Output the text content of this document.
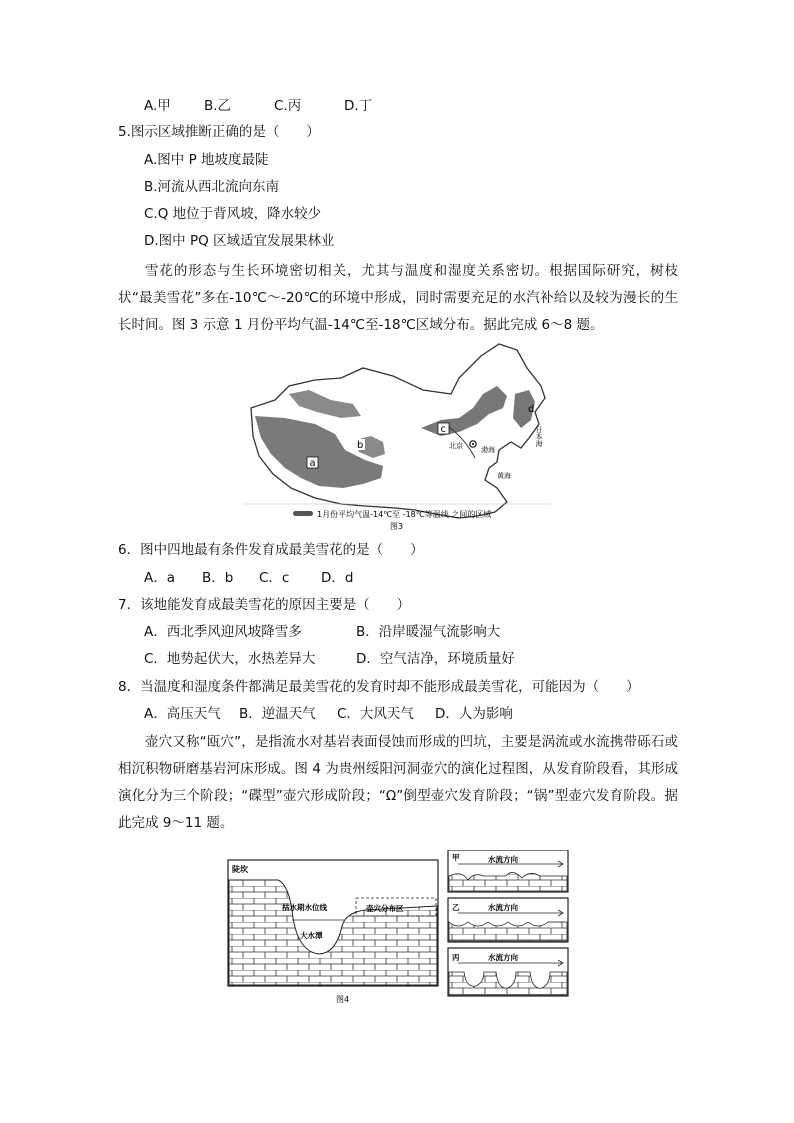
A.甲 B.乙	C.丙	D.丁
5.图示区域推断正确的是（　　）
A.图中 P 地坡度最陡
B.河流从西北流向东南
C.Q 地位于背风坡，降水较少
D.图中 PQ 区域适宜发展果林业
雪花的形态与生长环境密切相关，尤其与温度和湿度关系密切。根据国际研究，树枝状“最美雪花”多在-10℃～-20℃的环境中形成，同时需要充足的水汽补给以及较为漫长的生长时间。图 3 示意 1 月份平均气温-14℃至-18℃区域分布。据此完成 6～8 题。
a
b
c
d
北京	渤海
黄海
日本海
1月份平均气温-14℃至 -18℃等温线 之间的区域
图3
6．图中四地最有条件发育成最美雪花的是（　　）
A．a B．b C．c D．d
7．该地能发育成最美雪花的原因主要是（　　）
A．西北季风迎风坡降雪多	B．沿岸暖湿气流影响大
C．地势起伏大，水热差异大	D．空气洁净，环境质量好
8．当温度和湿度条件都满足最美雪花的发育时却不能形成最美雪花，可能因为（　　）
A．高压天气 B．逆温天气 C．大风天气 D．人为影响
壶穴又称“瓯穴”，是指流水对基岩表面侵蚀而形成的凹坑，主要是涡流或水流携带砾石或相沉积物研磨基岩河床形成。图 4 为贵州绥阳河洞壶穴的演化过程图，从发育阶段看，其形成演化分为三个阶段；“碟型”壶穴形成阶段；“Ω”倒型壶穴发育阶段；“锅”型壶穴发育阶段。据此完成 9～11 题。
陡坎
枯水期水位线
大水潭
壶穴分布区
甲	水流方向
乙	水流方向
丙	水流方向
图4
